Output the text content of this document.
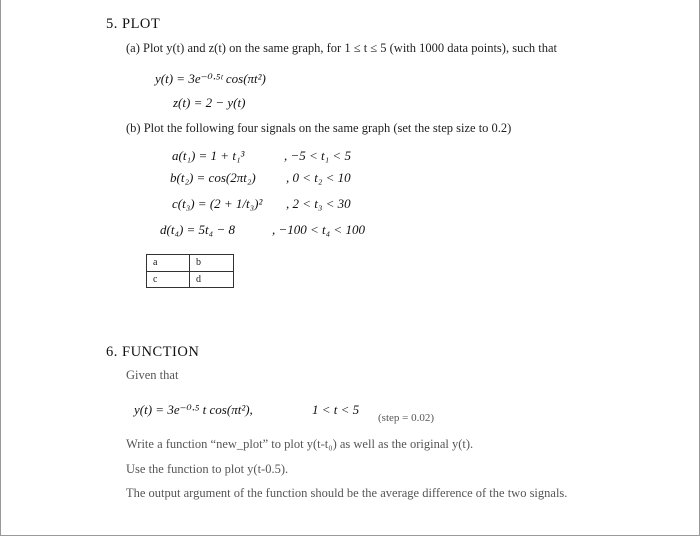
5. PLOT
(a) Plot y(t) and z(t) on the same graph, for 1 ≤ t ≤ 5 (with 1000 data points), such that
y(t) = 3e⁻⁰·⁵ᵗ cos(πt²)
z(t) = 2 − y(t)
(b) Plot the following four signals on the same graph (set the step size to 0.2)
a(t₁) = 1 + t₁³	, −5 < t₁ < 5
b(t₂) = cos(2πt₂) , 0 < t₂ < 10
c(t₃) = (2 + 1/t₃)² , 2 < t₃ < 30
d(t₄) = 5t₄ − 8	, −100 < t₄ < 100
a	b
c	d
6. FUNCTION
Given that
y(t) = 3e⁻⁰·⁵ t cos(πt²),	1 < t < 5
(step = 0.02)
Write a function “new_plot” to plot y(t-t₀) as well as the original y(t).
Use the function to plot y(t-0.5).
The output argument of the function should be the average difference of the two signals.
